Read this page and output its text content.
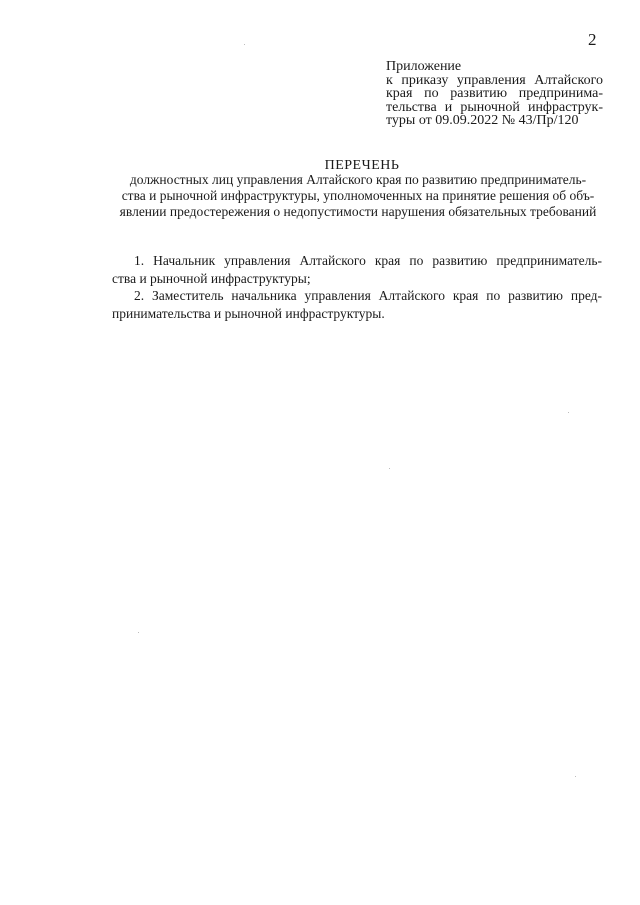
2
Приложение
к приказу управления Алтайского
края по развитию предпринима-
тельства и рыночной инфраструк-
туры от 09.09.2022 № 43/Пр/120
ПЕРЕЧЕНЬ
должностных лиц управления Алтайского края по развитию предприниматель-
ства и рыночной инфраструктуры, уполномоченных на принятие решения об объ-
явлении предостережения о недопустимости нарушения обязательных требований
1. Начальник управления Алтайского края по развитию предприниматель-
ства и рыночной инфраструктуры;
2. Заместитель начальника управления Алтайского края по развитию пред-
принимательства и рыночной инфраструктуры.
